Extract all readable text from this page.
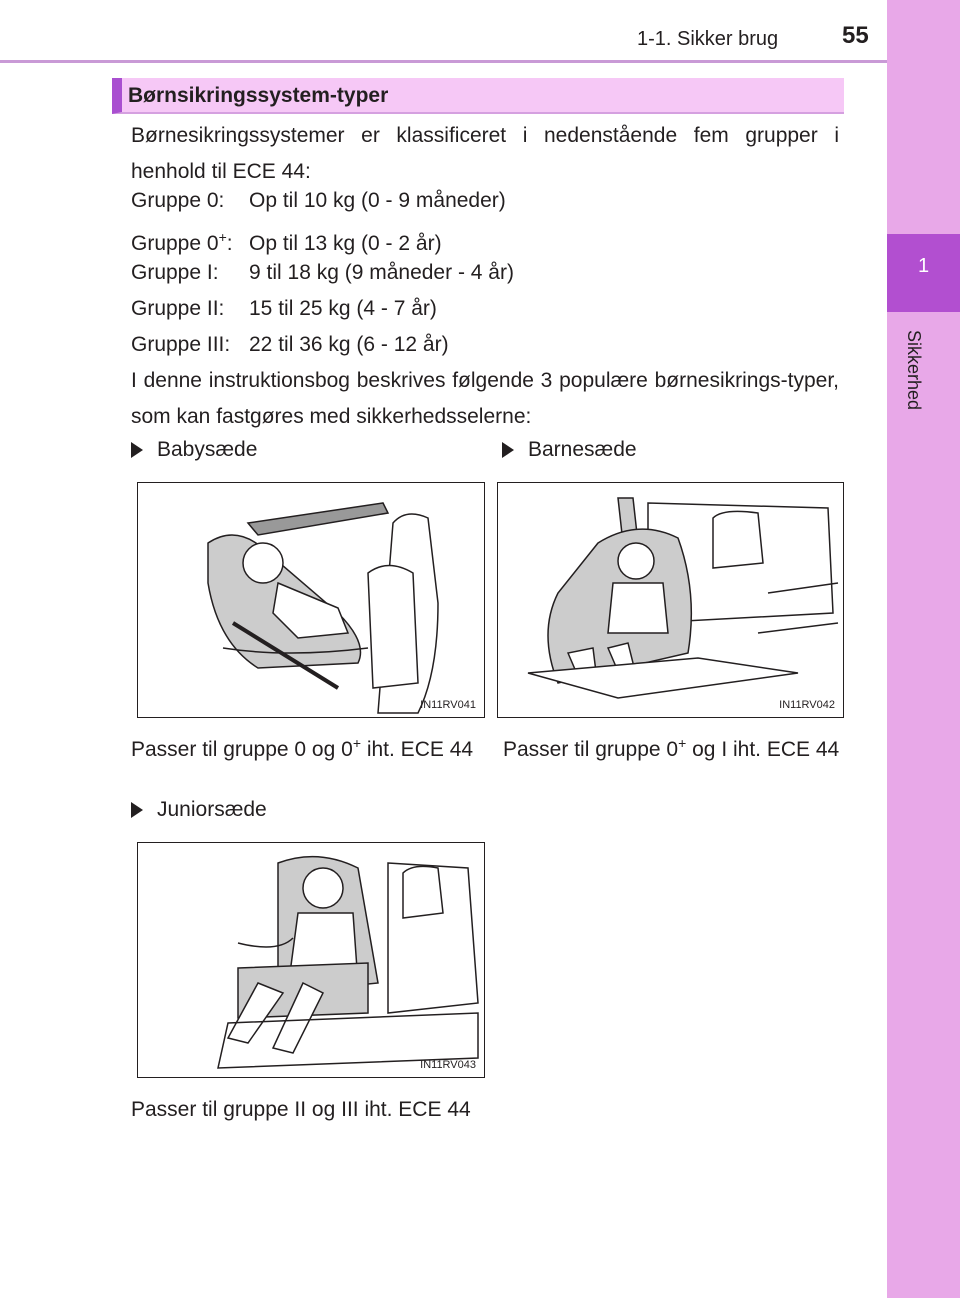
1-1. Sikker brug	55
1
Sikkerhed
Børnsikringssystem-typer
Børnesikringssystemer er klassificeret i nedenstående fem grupper i henhold til ECE 44:
Gruppe 0: Op til 10 kg (0 - 9 måneder)
Gruppe 0+: Op til 13 kg (0 - 2 år)
Gruppe I: 9 til 18 kg (9 måneder - 4 år)
Gruppe II: 15 til 25 kg (4 - 7 år)
Gruppe III: 22 til 36 kg (6 - 12 år)
I denne instruktionsbog beskrives følgende 3 populære børnesikrings-typer, som kan fastgøres med sikkerhedsselerne:
Babysæde
IN11RV041
Passer til gruppe 0 og 0+ iht. ECE 44
Barnesæde
IN11RV042
Passer til gruppe 0+ og I iht. ECE 44
Juniorsæde
IN11RV043
Passer til gruppe II og III iht. ECE 44
